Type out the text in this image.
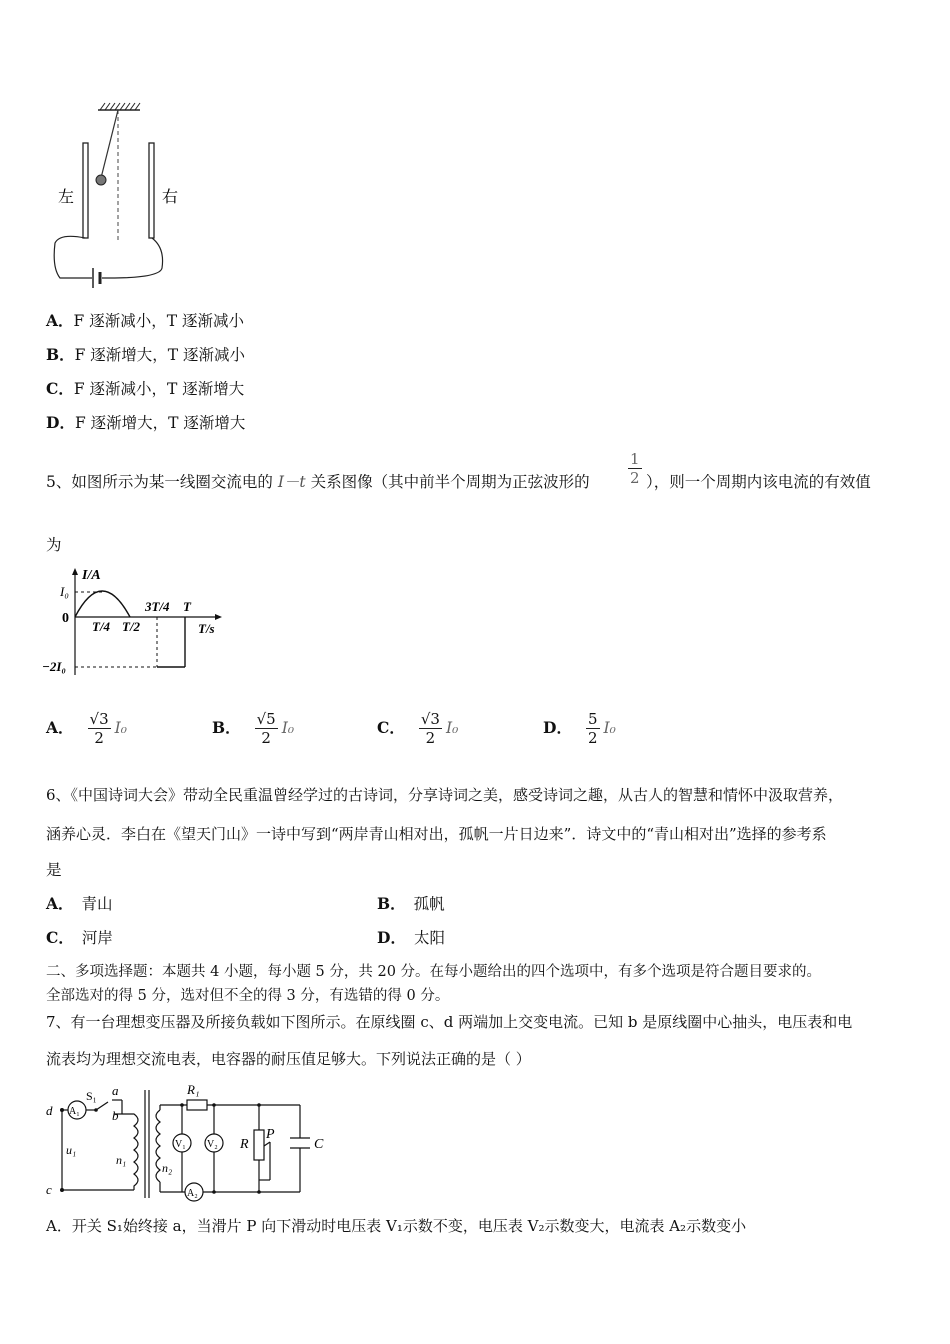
左	右
A．F 逐渐减小，T 逐渐减小
B．F 逐渐增大，T 逐渐减小
C．F 逐渐减小，T 逐渐增大
D．F 逐渐增大，T 逐渐增大
5、如图所示为某一线圈交流电的 I－t 关系图像（其中前半个周期为正弦波形的	$\frac{1}{2}$ ），则一个周期内该电流的有效值
为
I/A
I₀
0
3T/4 T
T/4 T/2	T/s
−2I₀
A． $\frac{√3}{2} I_0$	B． $\frac{√5}{2} I_0$	C． $\frac{√3}{2} I_0$	D． $\frac{5}{2} I_0$
6、《中国诗词大会》带动全民重温曾经学过的古诗词，分享诗词之美，感受诗词之趣，从古人的智慧和情怀中汲取营养，
涵养心灵．李白在《望天门山》一诗中写到“两岸青山相对出，孤帆一片日边来”．诗文中的“青山相对出”选择的参考系
是
A． 青山	B． 孤帆
C． 河岸	D． 太阳
二、多项选择题：本题共 4 小题，每小题 5 分，共 20 分。在每小题给出的四个选项中，有多个选项是符合题目要求的。
全部选对的得 5 分，选对但不全的得 3 分，有选错的得 0 分。
7、有一台理想变压器及所接负载如下图所示。在原线圈 c、d 两端加上交变电流。已知 b 是原线圈中心抽头，电压表和电
流表均为理想交流电表，电容器的耐压值足够大。下列说法正确的是（ ）
d
c
A₁
S₁ a
b
u₁
n₁
n₂
V₁ V₂
A₂
R₁
R
P
C
A．开关 S₁始终接 a，当滑片 P 向下滑动时电压表 V₁示数不变，电压表 V₂示数变大，电流表 A₂示数变小
